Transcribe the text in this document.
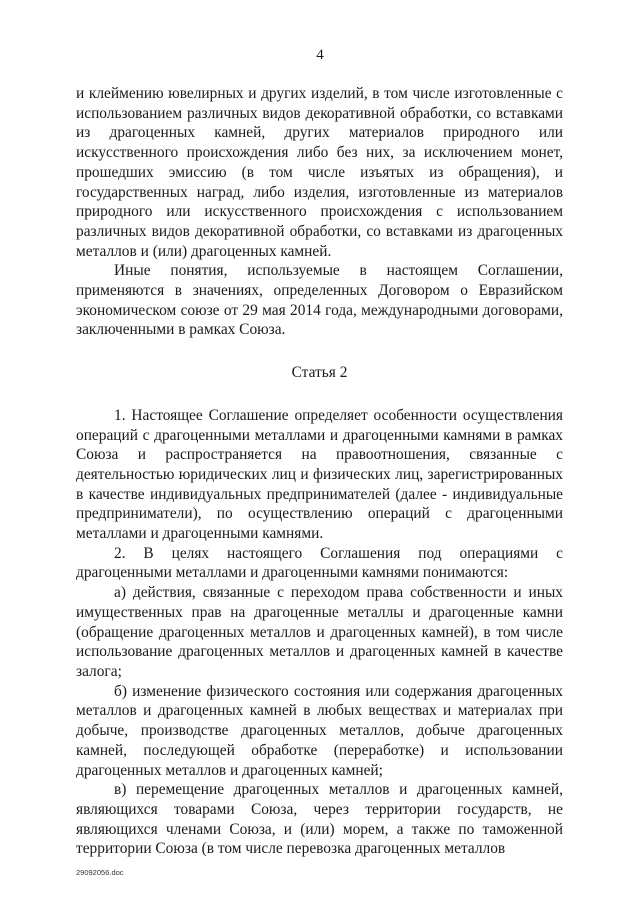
4

и клеймению ювелирных и других изделий, в том числе изготовленные с использованием различных видов декоративной обработки, со вставками из драгоценных камней, других материалов природного или искусственного происхождения либо без них, за исключением монет, прошедших эмиссию (в том числе изъятых из обращения), и государственных наград, либо изделия, изготовленные из материалов природного или искусственного происхождения с использованием различных видов декоративной обработки, со вставками из драгоценных металлов и (или) драгоценных камней.

Иные понятия, используемые в настоящем Соглашении, применяются в значениях, определенных Договором о Евразийском экономическом союзе от 29 мая 2014 года, международными договорами, заключенными в рамках Союза.

Статья 2

1. Настоящее Соглашение определяет особенности осуществления операций с драгоценными металлами и драгоценными камнями в рамках Союза и распространяется на правоотношения, связанные с деятельностью юридических лиц и физических лиц, зарегистрированных в качестве индивидуальных предпринимателей (далее - индивидуальные предприниматели), по осуществлению операций с драгоценными металлами и драгоценными камнями.

2. В целях настоящего Соглашения под операциями с драгоценными металлами и драгоценными камнями понимаются:

а) действия, связанные с переходом права собственности и иных имущественных прав на драгоценные металлы и драгоценные камни (обращение драгоценных металлов и драгоценных камней), в том числе использование драгоценных металлов и драгоценных камней в качестве залога;

б) изменение физического состояния или содержания драгоценных металлов и драгоценных камней в любых веществах и материалах при добыче, производстве драгоценных металлов, добыче драгоценных камней, последующей обработке (переработке) и использовании драгоценных металлов и драгоценных камней;

в) перемещение драгоценных металлов и драгоценных камней, являющихся товарами Союза, через территории государств, не являющихся членами Союза, и (или) морем, а также по таможенной территории Союза (в том числе перевозка драгоценных металлов

29092056.doc
